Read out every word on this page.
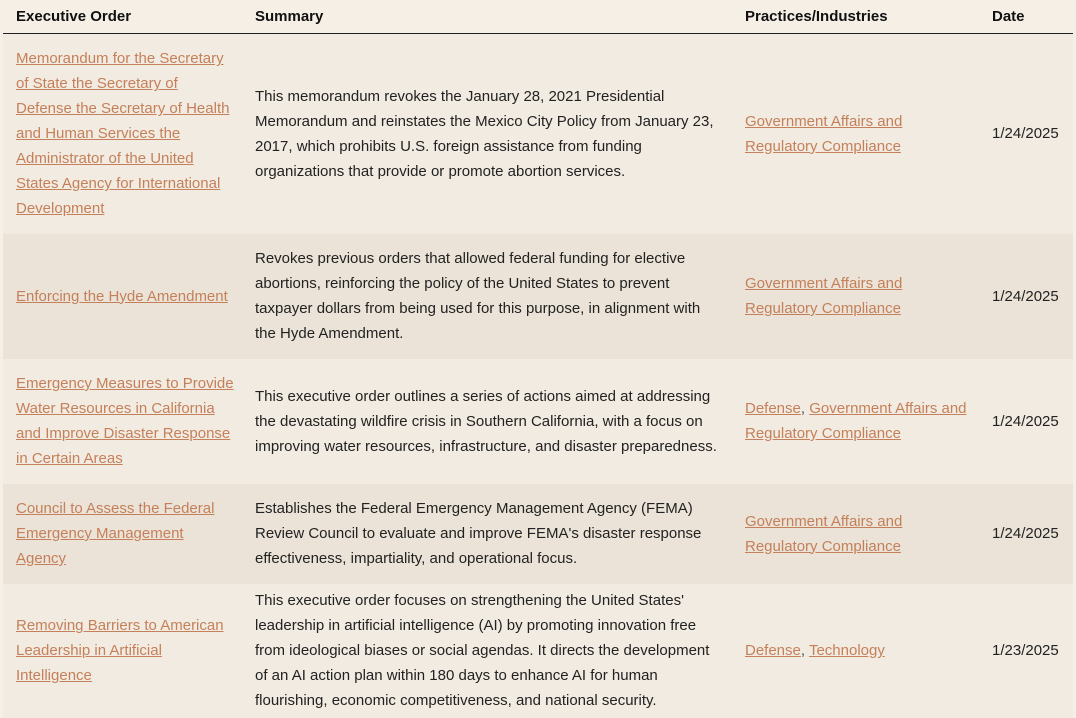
Executive Order	Summary	Practices/Industries	Date
Memorandum for the Secretary of State the Secretary of Defense the Secretary of Health and Human Services the Administrator of the United States Agency for International Development	This memorandum revokes the January 28, 2021 Presidential Memorandum and reinstates the Mexico City Policy from January 23, 2017, which prohibits U.S. foreign assistance from funding organizations that provide or promote abortion services.	Government Affairs and Regulatory Compliance	1/24/2025
Enforcing the Hyde Amendment	Revokes previous orders that allowed federal funding for elective abortions, reinforcing the policy of the United States to prevent taxpayer dollars from being used for this purpose, in alignment with the Hyde Amendment.	Government Affairs and Regulatory Compliance	1/24/2025
Emergency Measures to Provide Water Resources in California and Improve Disaster Response in Certain Areas	This executive order outlines a series of actions aimed at addressing the devastating wildfire crisis in Southern California, with a focus on improving water resources, infrastructure, and disaster preparedness.	Defense, Government Affairs and Regulatory Compliance	1/24/2025
Council to Assess the Federal Emergency Management Agency	Establishes the Federal Emergency Management Agency (FEMA) Review Council to evaluate and improve FEMA's disaster response effectiveness, impartiality, and operational focus.	Government Affairs and Regulatory Compliance	1/24/2025
Removing Barriers to American Leadership in Artificial Intelligence	This executive order focuses on strengthening the United States' leadership in artificial intelligence (AI) by promoting innovation free from ideological biases or social agendas. It directs the development of an AI action plan within 180 days to enhance AI for human flourishing, economic competitiveness, and national security.	Defense, Technology	1/23/2025
